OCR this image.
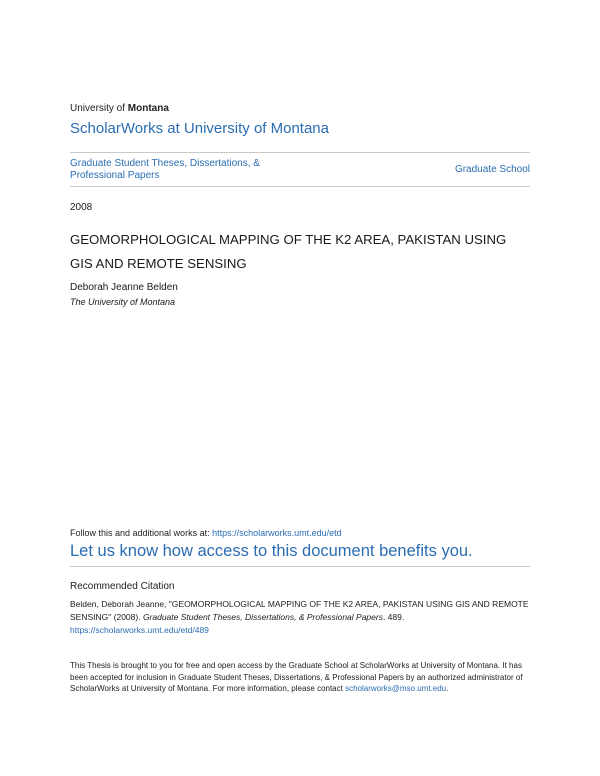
University of Montana
ScholarWorks at University of Montana
Graduate Student Theses, Dissertations, & Professional Papers
Graduate School
2008
GEOMORPHOLOGICAL MAPPING OF THE K2 AREA, PAKISTAN USING GIS AND REMOTE SENSING
Deborah Jeanne Belden
The University of Montana
Follow this and additional works at: https://scholarworks.umt.edu/etd
Let us know how access to this document benefits you.
Recommended Citation
Belden, Deborah Jeanne, "GEOMORPHOLOGICAL MAPPING OF THE K2 AREA, PAKISTAN USING GIS AND REMOTE SENSING" (2008). Graduate Student Theses, Dissertations, & Professional Papers. 489.
https://scholarworks.umt.edu/etd/489
This Thesis is brought to you for free and open access by the Graduate School at ScholarWorks at University of Montana. It has been accepted for inclusion in Graduate Student Theses, Dissertations, & Professional Papers by an authorized administrator of ScholarWorks at University of Montana. For more information, please contact scholarworks@mso.umt.edu.
